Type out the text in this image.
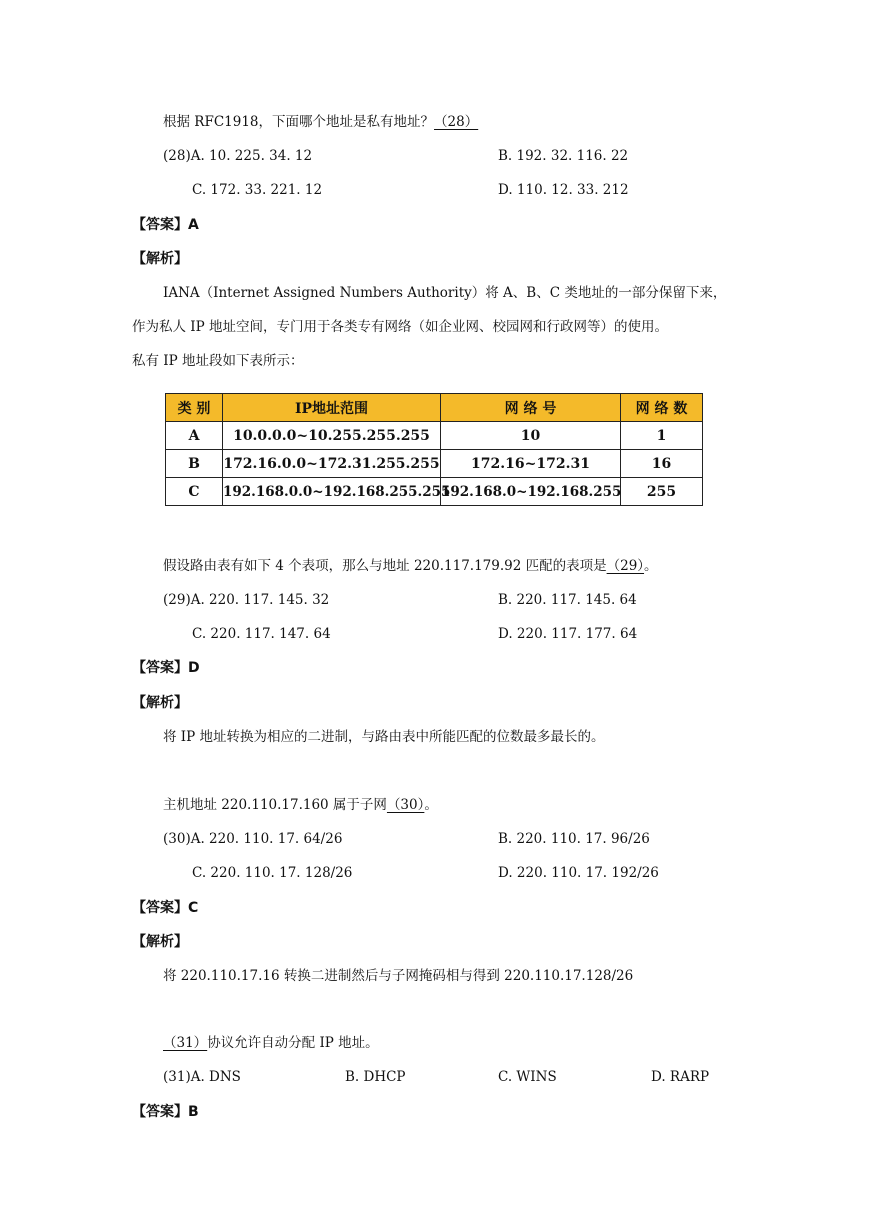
根据 RFC1918，下面哪个地址是私有地址？（28）
(28)A. 10. 225. 34. 12	B. 192. 32. 116. 22
C. 172. 33. 221. 12	D. 110. 12. 33. 212
【答案】A
【解析】
IANA（Internet Assigned Numbers Authority）将 A、B、C 类地址的一部分保留下来，
作为私人 IP 地址空间，专门用于各类专有网络（如企业网、校园网和行政网等）的使用。
私有 IP 地址段如下表所示：
类 别	IP地址范围	网 络 号	网 络 数
A	10.0.0.0~10.255.255.255	10	1
B	172.16.0.0~172.31.255.255	172.16~172.31	16
C	192.168.0.0~192.168.255.255	192.168.0~192.168.255	255
假设路由表有如下 4 个表项，那么与地址 220.117.179.92 匹配的表项是（29）。
(29)A. 220. 117. 145. 32	B. 220. 117. 145. 64
C. 220. 117. 147. 64	D. 220. 117. 177. 64
【答案】D
【解析】
将 IP 地址转换为相应的二进制，与路由表中所能匹配的位数最多最长的。
主机地址 220.110.17.160 属于子网（30）。
(30)A. 220. 110. 17. 64/26	B. 220. 110. 17. 96/26
C. 220. 110. 17. 128/26	D. 220. 110. 17. 192/26
【答案】C
【解析】
将 220.110.17.16 转换二进制然后与子网掩码相与得到 220.110.17.128/26
（31）协议允许自动分配 IP 地址。
(31)A. DNS	B. DHCP	C. WINS	D. RARP
【答案】B
